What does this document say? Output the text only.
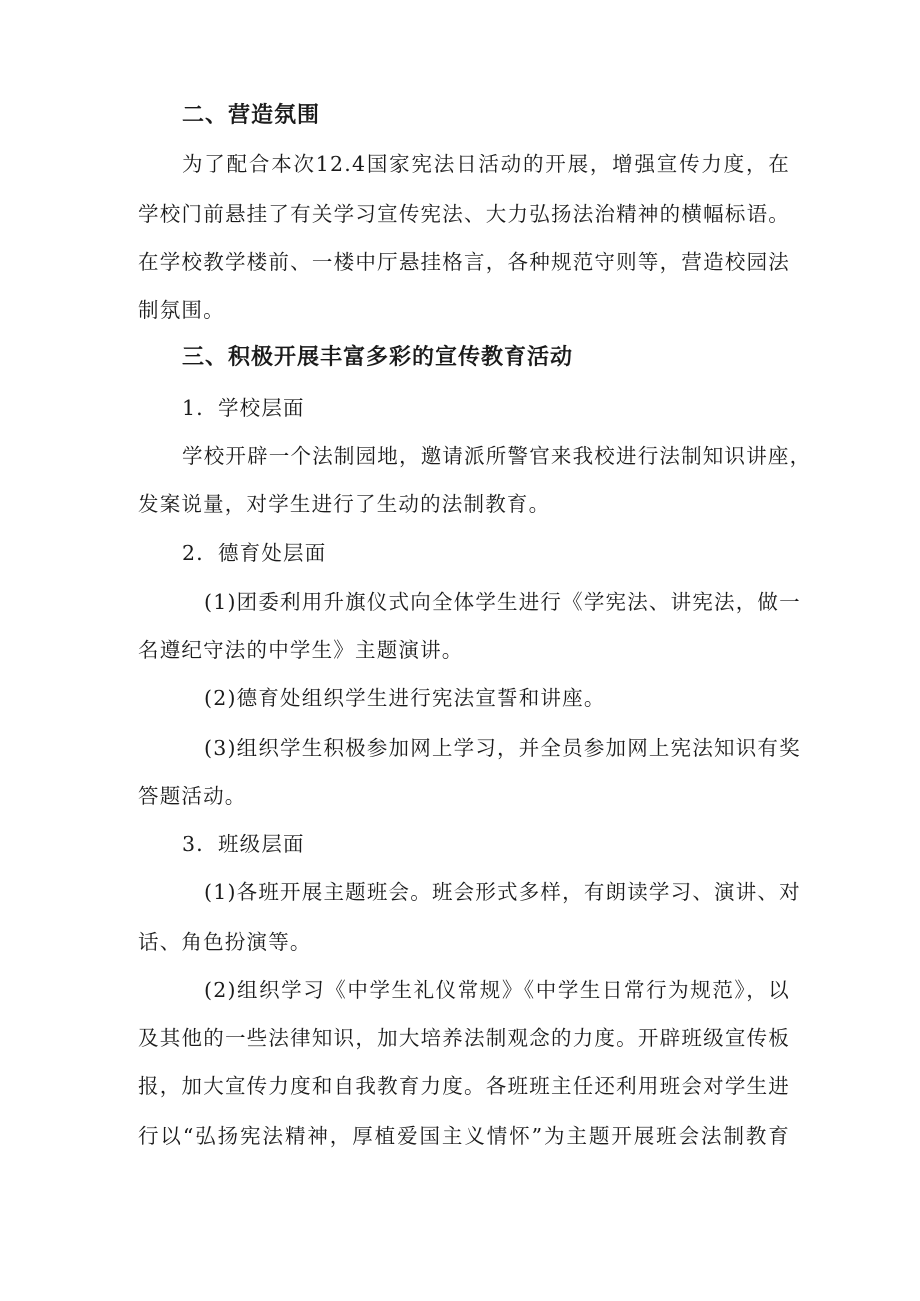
二、营造氛围

为了配合本次12.4国家宪法日活动的开展，增强宣传力度，在

学校门前悬挂了有关学习宣传宪法、大力弘扬法治精神的横幅标语。

在学校教学楼前、一楼中厅悬挂格言，各种规范守则等，营造校园法

制氛围。

三、积极开展丰富多彩的宣传教育活动

1．学校层面

学校开辟一个法制园地，邀请派所警官来我校进行法制知识讲座，

发案说量，对学生进行了生动的法制教育。

2．德育处层面

(1)团委利用升旗仪式向全体学生进行《学宪法、讲宪法，做一

名遵纪守法的中学生》主题演讲。

(2)德育处组织学生进行宪法宣誓和讲座。

(3)组织学生积极参加网上学习，并全员参加网上宪法知识有奖

答题活动。

3．班级层面

(1)各班开展主题班会。班会形式多样，有朗读学习、演讲、对

话、角色扮演等。

(2)组织学习《中学生礼仪常规》《中学生日常行为规范》，以

及其他的一些法律知识，加大培养法制观念的力度。开辟班级宣传板

报，加大宣传力度和自我教育力度。各班班主任还利用班会对学生进

行以“弘扬宪法精神，厚植爱国主义情怀”为主题开展班会法制教育
